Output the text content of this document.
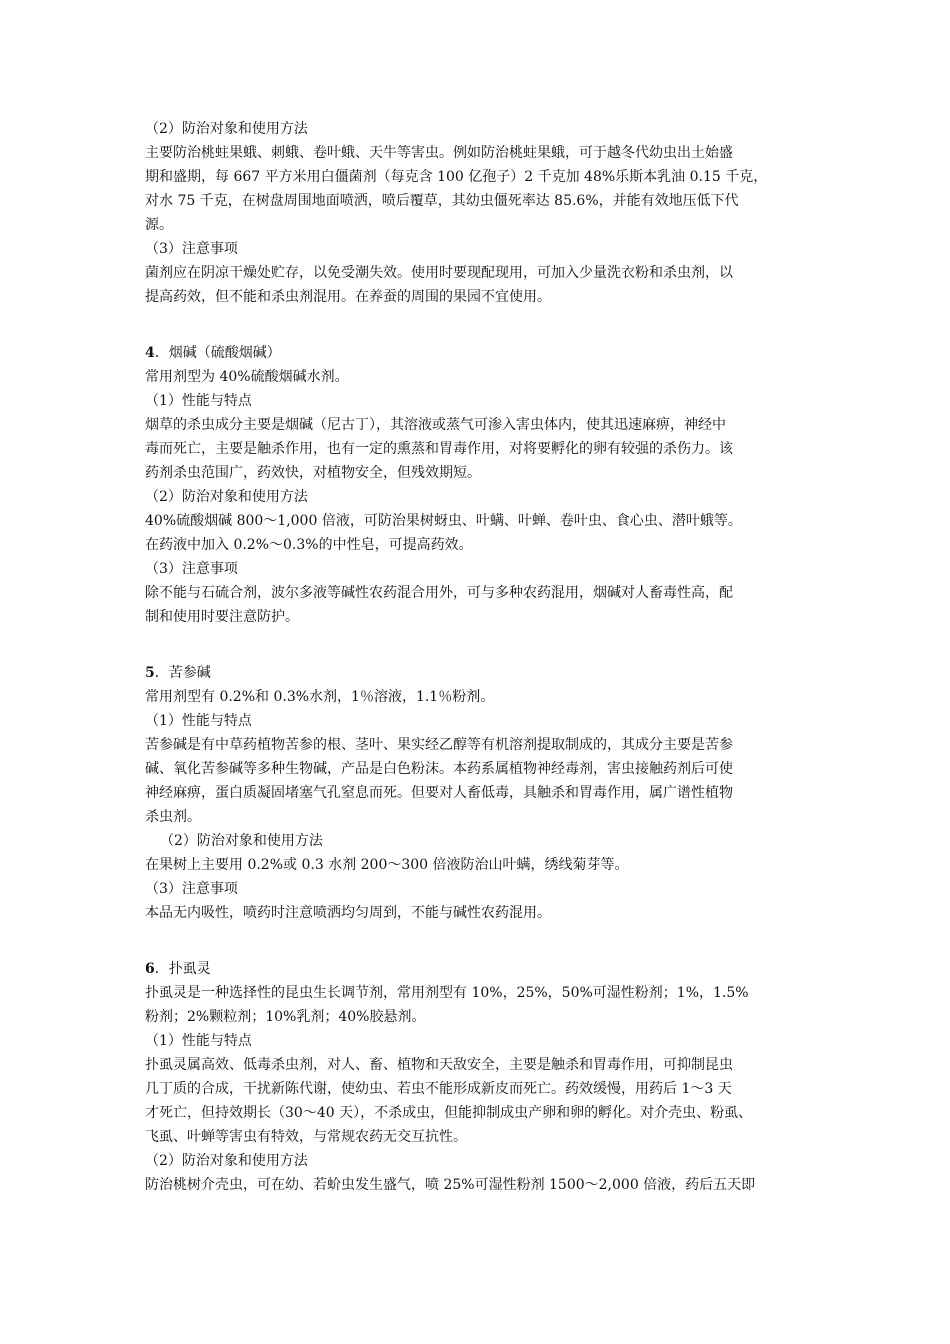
（2）防治对象和使用方法
主要防治桃蛀果蛾、刺蛾、卷叶蛾、天牛等害虫。例如防治桃蛀果蛾，可于越冬代幼虫出土始盛
期和盛期，每 667 平方米用白僵菌剂（每克含 100 亿孢子）2 千克加 48%乐斯本乳油 0.15 千克，
对水 75 千克，在树盘周围地面喷洒，喷后覆草，其幼虫僵死率达 85.6%，并能有效地压低下代
源。
（3）注意事项
菌剂应在阴凉干燥处贮存，以免受潮失效。使用时要现配现用，可加入少量洗衣粉和杀虫剂，以
提高药效，但不能和杀虫剂混用。在养蚕的周围的果园不宜使用。
4．烟碱（硫酸烟碱）
常用剂型为 40%硫酸烟碱水剂。
（1）性能与特点
烟草的杀虫成分主要是烟碱（尼古丁），其溶液或蒸气可渗入害虫体内，使其迅速麻痹，神经中
毒而死亡，主要是触杀作用，也有一定的熏蒸和胃毒作用，对将要孵化的卵有较强的杀伤力。该
药剂杀虫范围广，药效快，对植物安全，但残效期短。
（2）防治对象和使用方法
40%硫酸烟碱 800～1,000 倍液，可防治果树蚜虫、叶螨、叶蝉、卷叶虫、食心虫、潜叶蛾等。
在药液中加入 0.2%～0.3%的中性皂，可提高药效。
（3）注意事项
除不能与石硫合剂，波尔多液等碱性农药混合用外，可与多种农药混用，烟碱对人畜毒性高，配
制和使用时要注意防护。
5．苦参碱
常用剂型有 0.2%和 0.3%水剂，1％溶液，1.1％粉剂。
（1）性能与特点
苦参碱是有中草药植物苦参的根、茎叶、果实经乙醇等有机溶剂提取制成的，其成分主要是苦参
碱、氧化苦参碱等多种生物碱，产品是白色粉沫。本药系属植物神经毒剂，害虫接触药剂后可使
神经麻痹，蛋白质凝固堵塞气孔窒息而死。但要对人畜低毒，具触杀和胃毒作用，属广谱性植物
杀虫剂。
（2）防治对象和使用方法
在果树上主要用 0.2%或 0.3 水剂 200～300 倍液防治山叶螨，绣线菊芽等。
（3）注意事项
本品无内吸性，喷药时注意喷洒均匀周到，不能与碱性农药混用。
6．扑虱灵
扑虱灵是一种选择性的昆虫生长调节剂，常用剂型有 10%，25%，50%可湿性粉剂；1%，1.5%
粉剂；2%颗粒剂；10%乳剂；40%胶悬剂。
（1）性能与特点
扑虱灵属高效、低毒杀虫剂，对人、畜、植物和天敌安全，主要是触杀和胃毒作用，可抑制昆虫
几丁质的合成，干扰新陈代谢，使幼虫、若虫不能形成新皮而死亡。药效缓慢，用药后 1～3 天
才死亡，但持效期长（30～40 天），不杀成虫，但能抑制成虫产卵和卵的孵化。对介壳虫、粉虱、
飞虱、叶蝉等害虫有特效，与常规农药无交互抗性。
（2）防治对象和使用方法
防治桃树介壳虫，可在幼、若蚧虫发生盛气，喷 25%可湿性粉剂 1500～2,000 倍液，药后五天即
